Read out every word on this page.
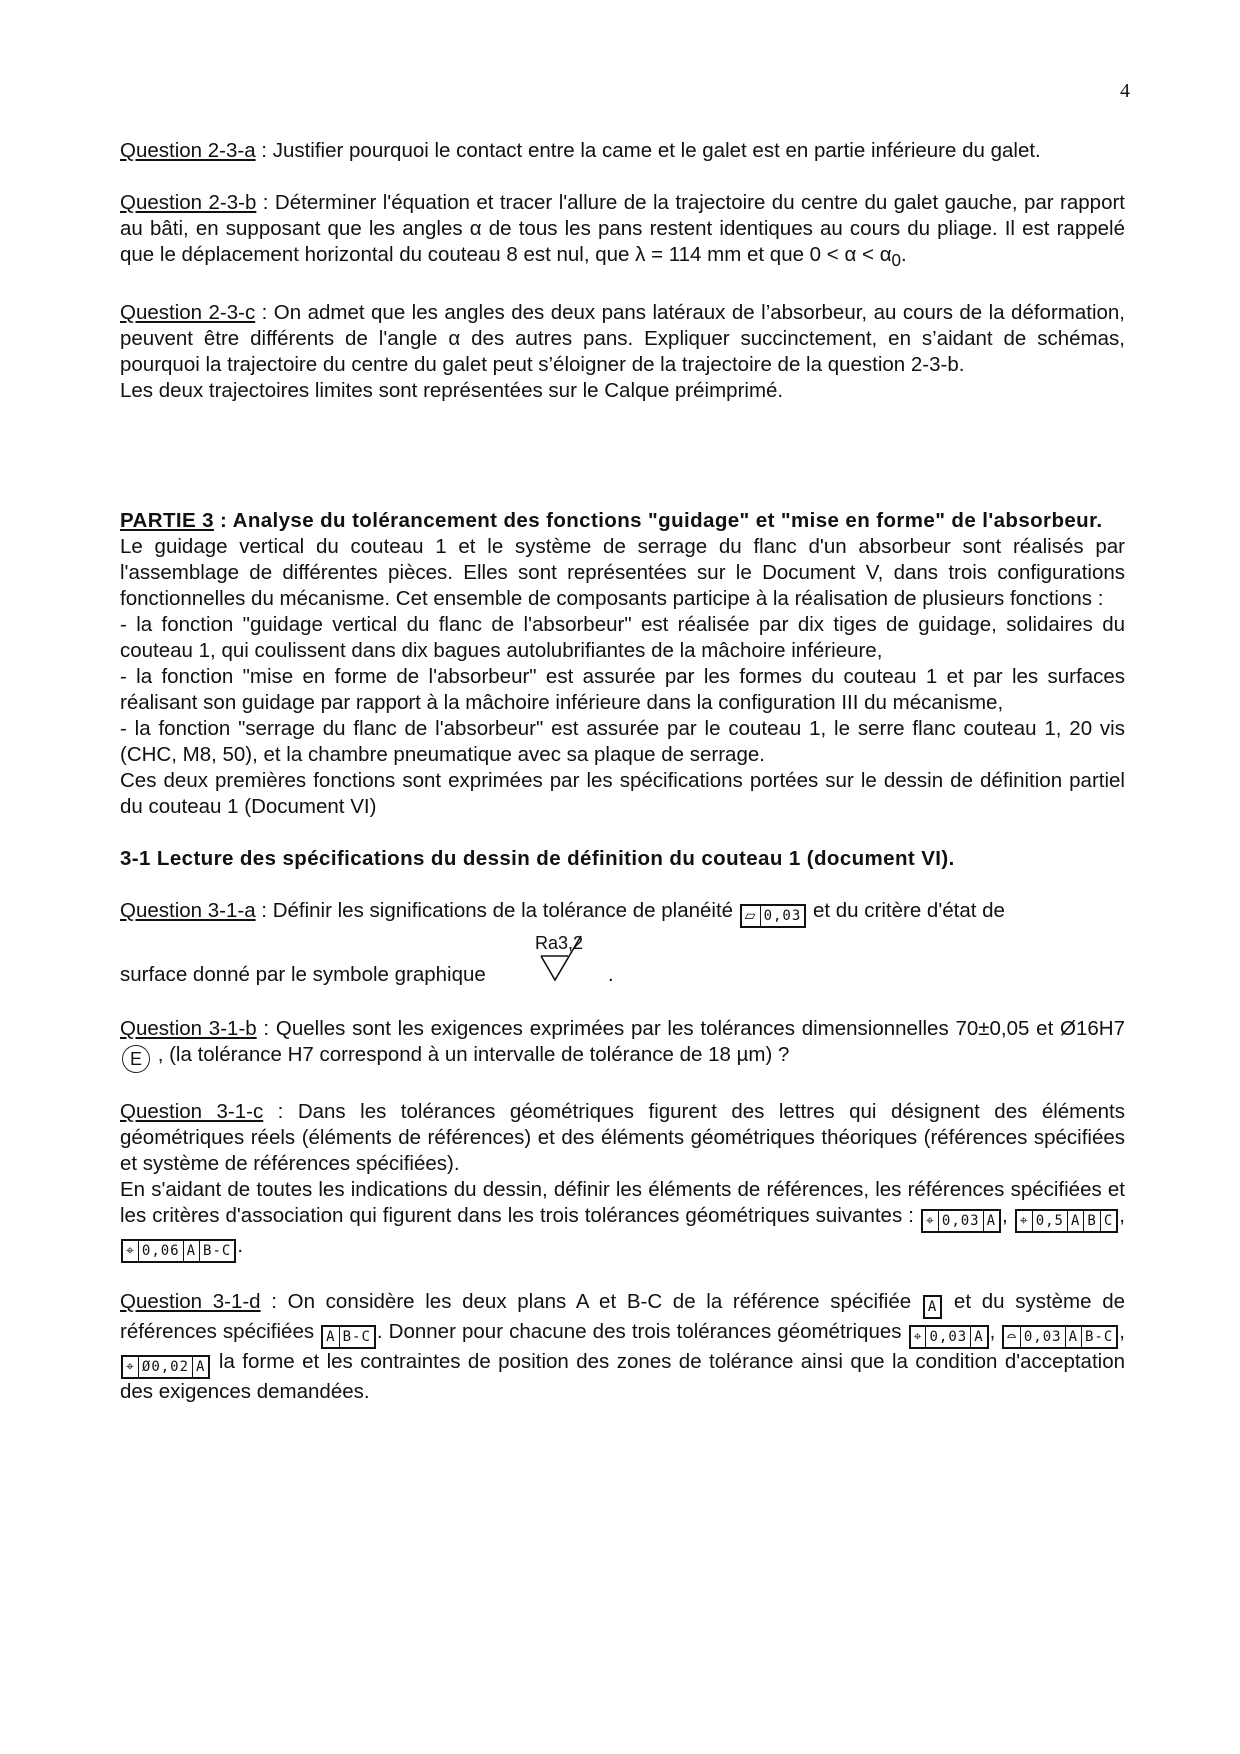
4

Question 2-3-a : Justifier pourquoi le contact entre la came et le galet est en partie inférieure du galet.

Question 2-3-b : Déterminer l'équation et tracer l'allure de la trajectoire du centre du galet gauche, par rapport au bâti, en supposant que les angles α de tous les pans restent identiques au cours du pliage. Il est rappelé que le déplacement horizontal du couteau 8 est nul, que λ = 114 mm et que $0 < \alpha < \alpha_0$.

Question 2-3-c : On admet que les angles des deux pans latéraux de l’absorbeur, au cours de la déformation, peuvent être différents de l'angle α des autres pans. Expliquer succinctement, en s’aidant de schémas, pourquoi la trajectoire du centre du galet peut s’éloigner de la trajectoire de la question 2-3-b.

Les deux trajectoires limites sont représentées sur le Calque préimprimé.

PARTIE 3 : Analyse du tolérancement des fonctions "guidage" et "mise en forme" de l'absorbeur.

Le guidage vertical du couteau 1 et le système de serrage du flanc d'un absorbeur sont réalisés par l'assemblage de différentes pièces. Elles sont représentées sur le Document V, dans trois configurations fonctionnelles du mécanisme. Cet ensemble de composants participe à la réalisation de plusieurs fonctions :

- la fonction "guidage vertical du flanc de l'absorbeur" est réalisée par dix tiges de guidage, solidaires du couteau 1, qui coulissent dans dix bagues autolubrifiantes de la mâchoire inférieure,

- la fonction "mise en forme de l'absorbeur" est assurée par les formes du couteau 1 et par les surfaces réalisant son guidage par rapport à la mâchoire inférieure dans la configuration III du mécanisme,

- la fonction "serrage du flanc de l'absorbeur" est assurée par le couteau 1, le serre flanc couteau 1, 20 vis (CHC, M8, 50), et la chambre pneumatique avec sa plaque de serrage.

Ces deux premières fonctions sont exprimées par les spécifications portées sur le dessin de définition partiel du couteau 1 (Document VI)

3-1 Lecture des spécifications du dessin de définition du couteau 1 (document VI).

Question 3-1-a : Définir les significations de la tolérance de planéité ⏥ 0,03 et du critère d'état de

surface donné par le symbole graphique
Ra3,2
.

Question 3-1-b : Quelles sont les exigences exprimées par les tolérances dimensionnelles 70±0,05 et Ø16H7E , (la tolérance H7 correspond à un intervalle de tolérance de 18 µm) ?

Question 3-1-c : Dans les tolérances géométriques figurent des lettres qui désignent des éléments géométriques réels (éléments de références) et des éléments géométriques théoriques (références spécifiées et système de références spécifiées).

En s'aidant de toutes les indications du dessin, définir les éléments de références, les références spécifiées et les critères d'association qui figurent dans les trois tolérances géométriques suivantes : ⌖ 0,03 A , ⌖ 0,5 A B C ,
⌖ 0,06 A B-C .

Question 3-1-d : On considère les deux plans A et B-C de la référence spécifiée A et du système de références spécifiées A B-C . Donner pour chacune des trois tolérances géométriques ⌖ 0,03 A , ⌓ 0,03 A B-C ,
⌖ Ø0,02 A la forme et les contraintes de position des zones de tolérance ainsi que la condition d'acceptation des exigences demandées.
